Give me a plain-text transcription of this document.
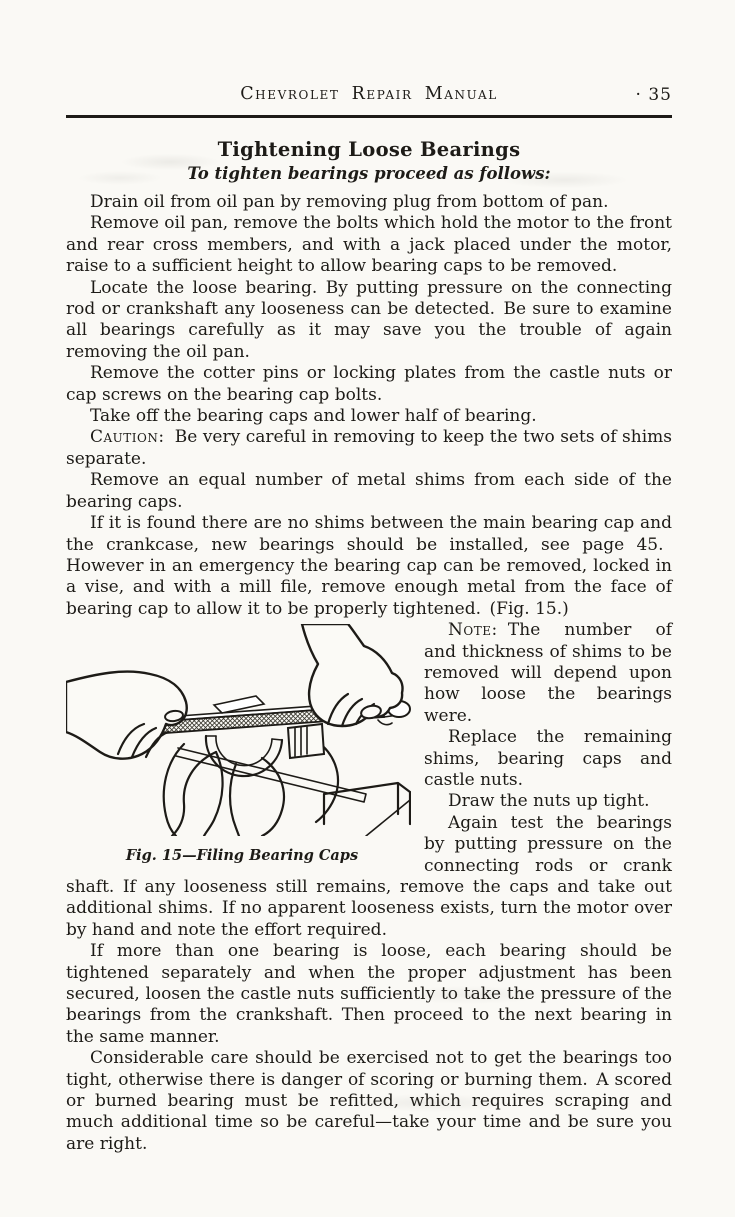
Chevrolet Repair Manual	· 35
Tightening Loose Bearings
To tighten bearings proceed as follows:

Drain oil from oil pan by removing plug from bottom of pan.

Remove oil pan, remove the bolts which hold the motor to the front and rear cross members, and with a jack placed under the motor, raise to a sufficient height to allow bearing caps to be removed.

Locate the loose bearing. By putting pressure on the connecting rod or crankshaft any looseness can be detected. Be sure to examine all bearings carefully as it may save you the trouble of again removing the oil pan.

Remove the cotter pins or locking plates from the castle nuts or cap screws on the bearing cap bolts.

Take off the bearing caps and lower half of bearing.

Caution: Be very careful in removing to keep the two sets of shims separate.

Remove an equal number of metal shims from each side of the bearing caps.

If it is found there are no shims between the main bearing cap and the crankcase, new bearings should be installed, see page 45. However in an emergency the bearing cap can be removed, locked in a vise, and with a mill file, remove enough metal from the face of bearing cap to allow it to be properly tightened. (Fig. 15.)

Fig. 15—Filing Bearing Caps

Note: The number of and thickness of shims to be removed will depend upon how loose the bearings were.

Replace the remaining shims, bearing caps and castle nuts.

Draw the nuts up tight.

Again test the bearings by putting pressure on the connecting rods or crank shaft. If any looseness still remains, remove the caps and take out additional shims. If no apparent looseness exists, turn the motor over by hand and note the effort required.

If more than one bearing is loose, each bearing should be tightened separately and when the proper adjustment has been secured, loosen the castle nuts sufficiently to take the pressure of the bearings from the crankshaft. Then proceed to the next bearing in the same manner.

Considerable care should be exercised not to get the bearings too tight, otherwise there is danger of scoring or burning them. A scored or burned bearing must be refitted, which requires scraping and much additional time so be careful—take your time and be sure you are right.
